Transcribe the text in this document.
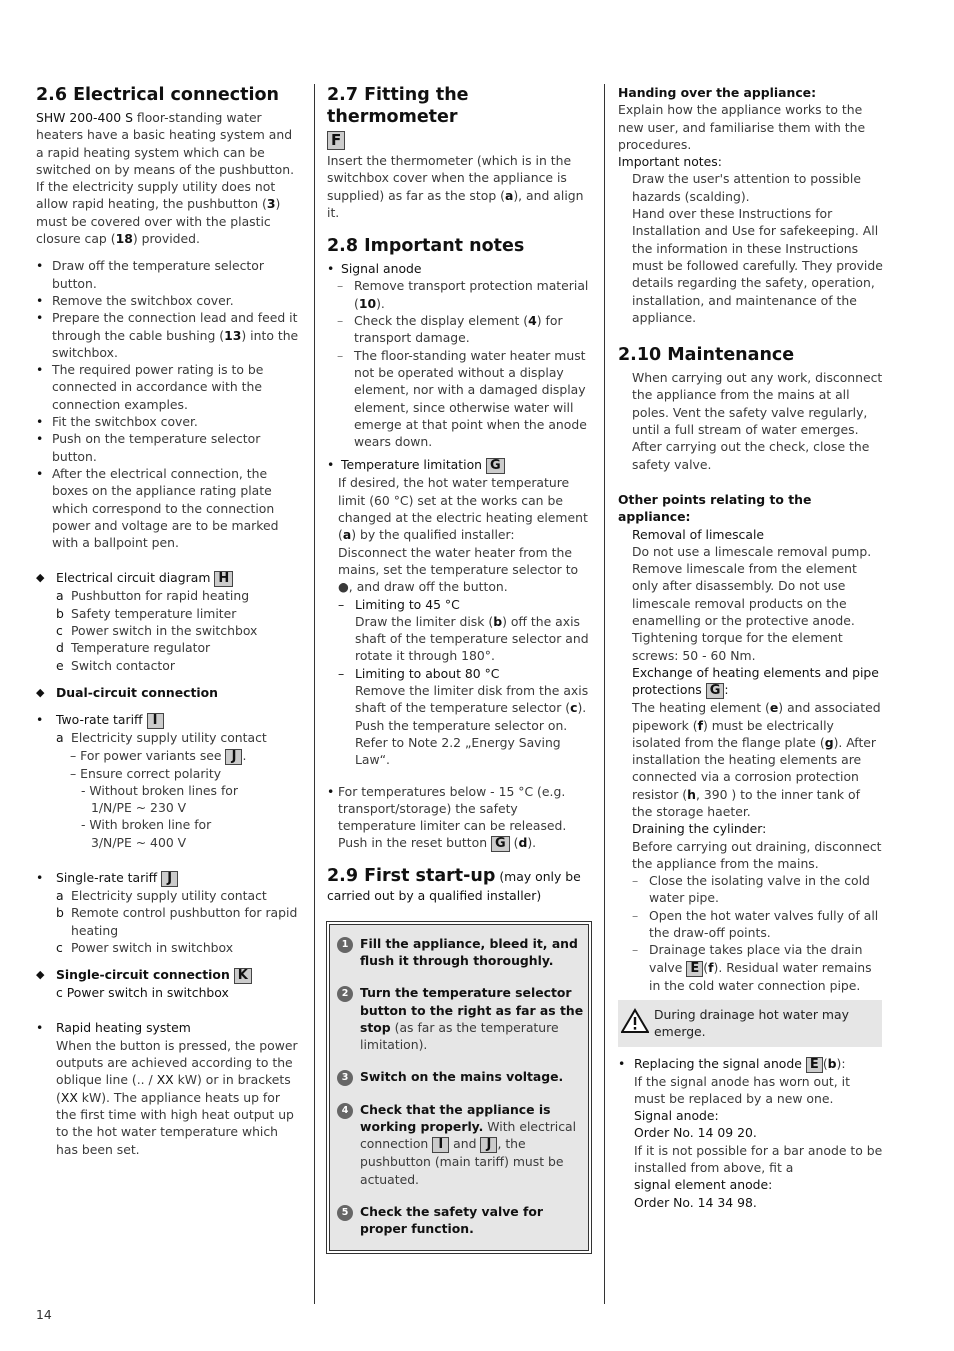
2.6 Electrical connection

SHW 200-400 S floor-standing water heaters have a basic heating system and a rapid heating system which can be switched on by means of the pushbutton. If the electricity supply utility does not allow rapid heating, the pushbutton (3) must be covered over with the plastic closure cap (18) provided.

• Draw off the temperature selector button.
• Remove the switchbox cover.
• Prepare the connection lead and feed it through the cable bushing (13) into the switchbox.
• The required power rating is to be connected in accordance with the connection examples.
• Fit the switchbox cover.
• Push on the temperature selector button.
• After the electrical connection, the boxes on the appliance rating plate which correspond to the connection power and voltage are to be marked with a ballpoint pen.
◆ Electrical circuit diagram H
a Pushbutton for rapid heating
b Safety temperature limiter
c Power switch in the switchbox
d Temperature regulator
e Switch contactor
◆ Dual-circuit connection
• Two-rate tariff I
a Electricity supply utility contact
– For power variants see J .
– Ensure correct polarity
- Without broken lines for
1/N/PE ~ 230 V
- With broken line for
3/N/PE ~ 400 V
• Single-rate tariff J
a Electricity supply utility contact
b Remote control pushbutton for rapid heating
c Power switch in switchbox
◆ Single-circuit connection K
c Power switch in switchbox
• Rapid heating system

When the button is pressed, the power outputs are achieved according to the oblique line (.. / XX kW) or in brackets (XX kW). The appliance heats up for the first time with high heat output up to the hot water temperature which has been set.

2.7 Fitting the thermometer
F

Insert the thermometer (which is in the switchbox cover when the appliance is supplied) as far as the stop (a), and align it.

2.8 Important notes
• Signal anode
– Remove transport protection material (10).
– Check the display element (4) for transport damage.
– The floor-standing water heater must not be operated without a display element, nor with a damaged display element, since otherwise water will emerge at that point when the anode wears down.
• Temperature limitation G

If desired, the hot water temperature limit (60 °C) set at the works can be changed at the electric heating element (a) by the qualified installer:

Disconnect the water heater from the mains, set the temperature selector to ●, and draw off the button.

– Limiting to 45 °C
Draw the limiter disk (b) off the axis shaft of the temperature selector and rotate it through 180°.
– Limiting to about 80 °C
Remove the limiter disk from the axis shaft of the temperature selector (c). Push the temperature selector on. Refer to Note 2.2 „Energy Saving Law“.

• For temperatures below - 15 °C (e.g. transport/storage) the safety temperature limiter can be released. Push in the reset button G (d).

2.9 First start-up (may only be
carried out by a qualified installer)
1 Fill the appliance, bleed it, and flush it through thoroughly.
2 Turn the temperature selector button to the right as far as the stop (as far as the temperature limitation).
3 Switch on the mains voltage.
4 Check that the appliance is working properly. With electrical connection I and J , the pushbutton (main tariff) must be actuated.
5 Check the safety valve for proper function.
Handing over the appliance:

Explain how the appliance works to the new user, and familiarise them with the procedures.

Important notes:

Draw the user's attention to possible hazards (scalding).

Hand over these Instructions for Installation and Use for safekeeping. All the information in these Instructions must be followed carefully. They provide details regarding the safety, operation, installation, and maintenance of the appliance.

2.10 Maintenance

When carrying out any work, disconnect the appliance from the mains at all poles. Vent the safety valve regularly, until a full stream of water emerges. After carrying out the check, close the safety valve.

Other points relating to the appliance:
Removal of limescale

Do not use a limescale removal pump. Remove limescale from the element only after disassembly. Do not use limescale removal products on the enamelling or the protective anode.

Tightening torque for the element screws: 50 - 60 Nm.

Exchange of heating elements and pipe protections G :

The heating element (e) and associated pipework (f) must be electrically isolated from the flange plate (g). After installation the heating elements are connected via a corrosion protection resistor (h, 390 ) to the inner tank of the storage haeter.

Draining the cylinder:

Before carrying out draining, disconnect the appliance from the mains.

– Close the isolating valve in the cold water pipe.
– Open the hot water valves fully of all the draw-off points.
– Drainage takes place via the drain valve E (f). Residual water remains in the cold water connection pipe.
During drainage hot water may emerge.
• Replacing the signal anode E (b):

If the signal anode has worn out, it must be replaced by a new one.

Signal anode:
Order No. 14 09 20.

If it is not possible for a bar anode to be installed from above, fit a

signal element anode:
Order No. 14 34 98.
14
